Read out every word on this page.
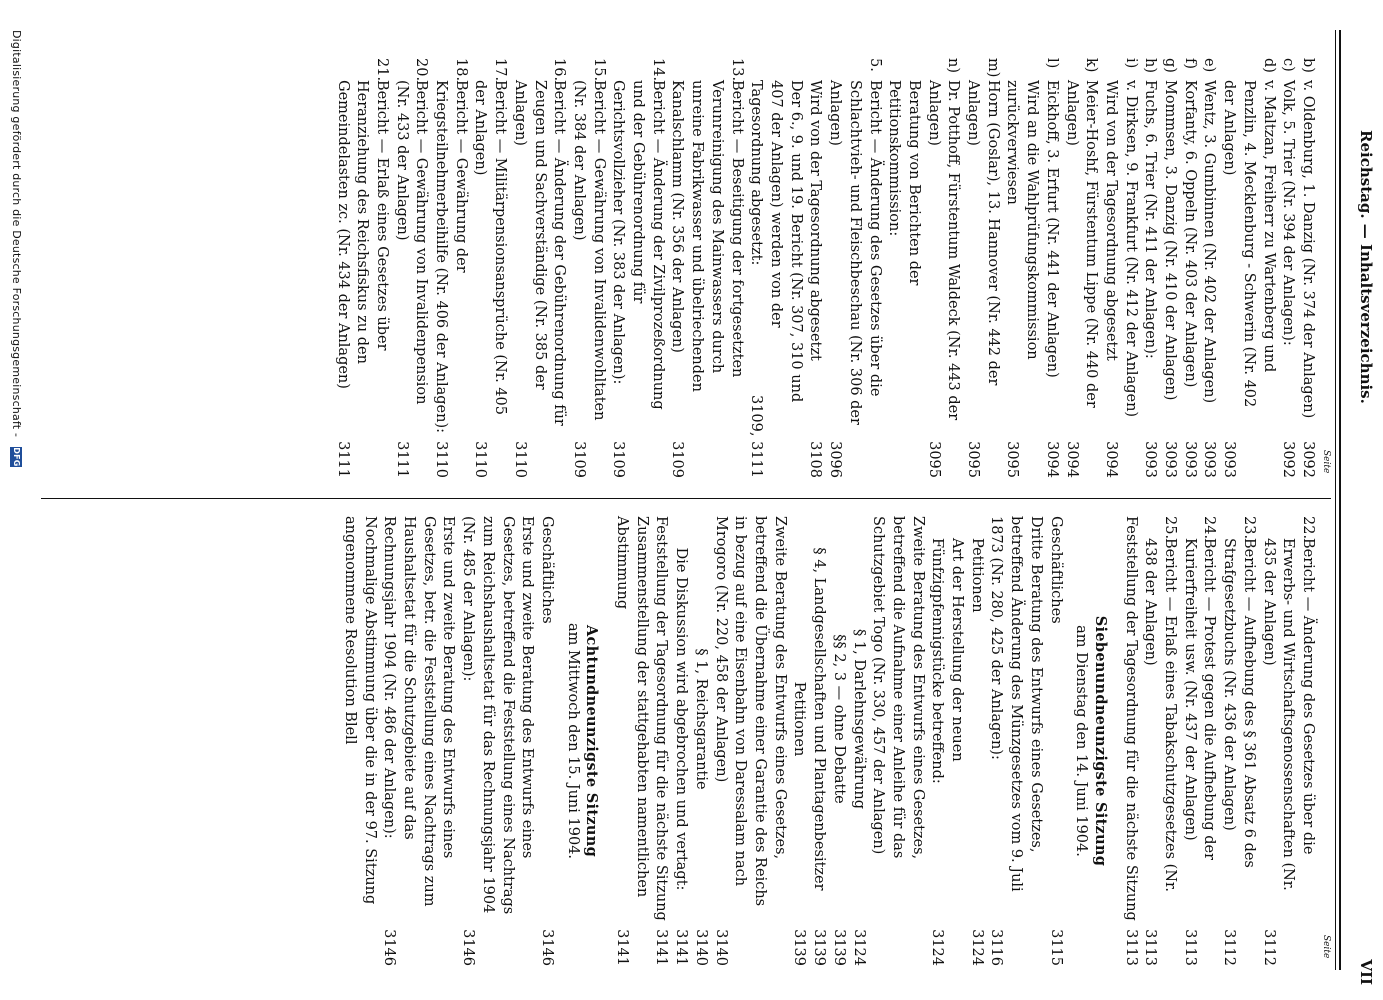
Reichstag. — Inhaltsverzeichnis.
VII
Seite
Seite
b)
v. Oldenburg, 1. Danzig (Nr. 374 der Anlagen)
3092
c)
Volk, 5. Trier (Nr. 394 der Anlagen):
3092
d)
v. Maltzan, Freiherr zu Wartenberg und Penzlin, 4. Mecklenburg - Schwerin (Nr. 402 der Anlagen)
3093
e)
Wentz, 3. Gumbinnen (Nr. 402 der Anlagen)
3093
f)
Korfanty, 6. Oppeln (Nr. 403 der Anlagen)
3093
g)
Mommsen, 3. Danzig (Nr. 410 der Anlagen)
3093
h)
Fuchs, 6. Trier (Nr. 411 der Anlagen):
3093
i)
v. Dirksen, 9. Frankfurt (Nr. 412 der Anlagen)
Wird von der Tagesordnung abgesetzt
3094
k)
Meier-Hoshf, Fürstentum Lippe (Nr. 440 der Anlagen)
3094
l)
Eickhoff, 3. Erfurt (Nr. 441 der Anlagen)
3094
Wird an die Wahlprüfungskommission zurückverwiesen
3095
m)
Horn (Goslar), 13. Hannover (Nr. 442 der Anlagen)
3095
n)
Dr. Potthoff, Fürstentum Waldeck (Nr. 443 der Anlagen)
3095
Beratung von Berichten der Petitionskommission:
5.
Bericht — Änderung des Gesetzes über die Schlachtvieh- und Fleischbeschau (Nr. 306 der Anlagen)
3096
Wird von der Tagesordnung abgesetzt
3108
Der 6., 9. und 19. Bericht (Nr. 307, 310 und 407 der Anlagen) werden von der Tagesordnung abgesetzt:
3109, 3111
13.
Bericht — Beseitigung der fortgesetzten Verunreinigung des Mainwassers durch unreine Fabrikwasser und übelriechenden Kanalschlamm (Nr. 356 der Anlagen)
3109
14.
Bericht — Änderung der Zivilprozeßordnung und der Gebührenordnung für Gerichtsvollzieher (Nr. 383 der Anlagen):
3109
15.
Bericht — Gewährung von Invalidenwohltaten (Nr. 384 der Anlagen)
3109
16.
Bericht — Änderung der Gebührenordnung für Zeugen und Sachverständige (Nr. 385 der Anlagen)
3110
17.
Bericht — Militärpensionsansprüche (Nr. 405 der Anlagen)
3110
18.
Bericht — Gewährung der Kriegsteilnehmerbeihilfe (Nr. 406 der Anlagen):
3110
20.
Bericht — Gewährung von Invalidenpension (Nr. 433 der Anlagen)
3111
21.
Bericht — Erlaß eines Gesetzes über Heranziehung des Reichsfiskus zu den Gemeindelasten zc. (Nr. 434 der Anlagen)
3111
22.
Bericht — Änderung des Gesetzes über die Erwerbs- und Wirtschaftsgenossenschaften (Nr. 435 der Anlagen)
3112
23.
Bericht — Aufhebung des § 361 Absatz 6 des Strafgesetzbuchs (Nr. 436 der Anlagen)
3112
24.
Bericht — Protest gegen die Aufhebung der Kurierfreiheit usw. (Nr. 437 der Anlagen)
3113
25.
Bericht — Erlaß eines Tabakschutzgesetzes (Nr. 438 der Anlagen)
3113
Feststellung der Tagesordnung für die nächste Sitzung
3113
Siebenundneunzigste Sitzung
am Dienstag den 14. Juni 1904.
Geschäftliches
3115
Dritte Beratung des Entwurfs eines Gesetzes, betreffend Änderung des Münzgesetzes vom 9. Juli 1873 (Nr. 280, 425 der Anlagen):
3116
Petitionen
3124
Art der Herstellung der neuen Fünfzigpfennigstücke betreffend:
3124
Zweite Beratung des Entwurfs eines Gesetzes, betreffend die Aufnahme einer Anleihe für das Schutzgebiet Togo (Nr. 330, 457 der Anlagen)
§ 1, Darlehnsgewährung
3124
§§ 2, 3 — ohne Debatte
3139
§ 4, Landgesellschaften und Plantagenbesitzer
3139
Petitionen
3139
Zweite Beratung des Entwurfs eines Gesetzes, betreffend die Übernahme einer Garantie des Reichs in bezug auf eine Eisenbahn von Daressalam nach Mrogoro (Nr. 220, 458 der Anlagen)
3140
§ 1, Reichsgarantie
3140
Die Diskussion wird abgebrochen und vertagt:
3141
Feststellung der Tagesordnung für die nächste Sitzung
3141
Zusammenstellung der stattgehabten namentlichen Abstimmung
3141
Achtundneunzigste Sitzung
am Mittwoch den 15. Juni 1904.
Geschäftliches
3146
Erste und zweite Beratung des Entwurfs eines Gesetzes, betreffend die Feststellung eines Nachtrags zum Reichshaushaltsetat für das Rechnungsjahr 1904 (Nr. 485 der Anlagen):
3146
Erste und zweite Beratung des Entwurfs eines Gesetzes, betr. die Feststellung eines Nachtrags zum Haushaltsetat für die Schutzgebiete auf das Rechnungsjahr 1904 (Nr. 486 der Anlagen):
3146
Nochmalige Abstimmung über die in der 97. Sitzung angenommene Resolution Blell
Digitalisierung gefördert durch die Deutsche Forschungsgemeinschaft - DFG
